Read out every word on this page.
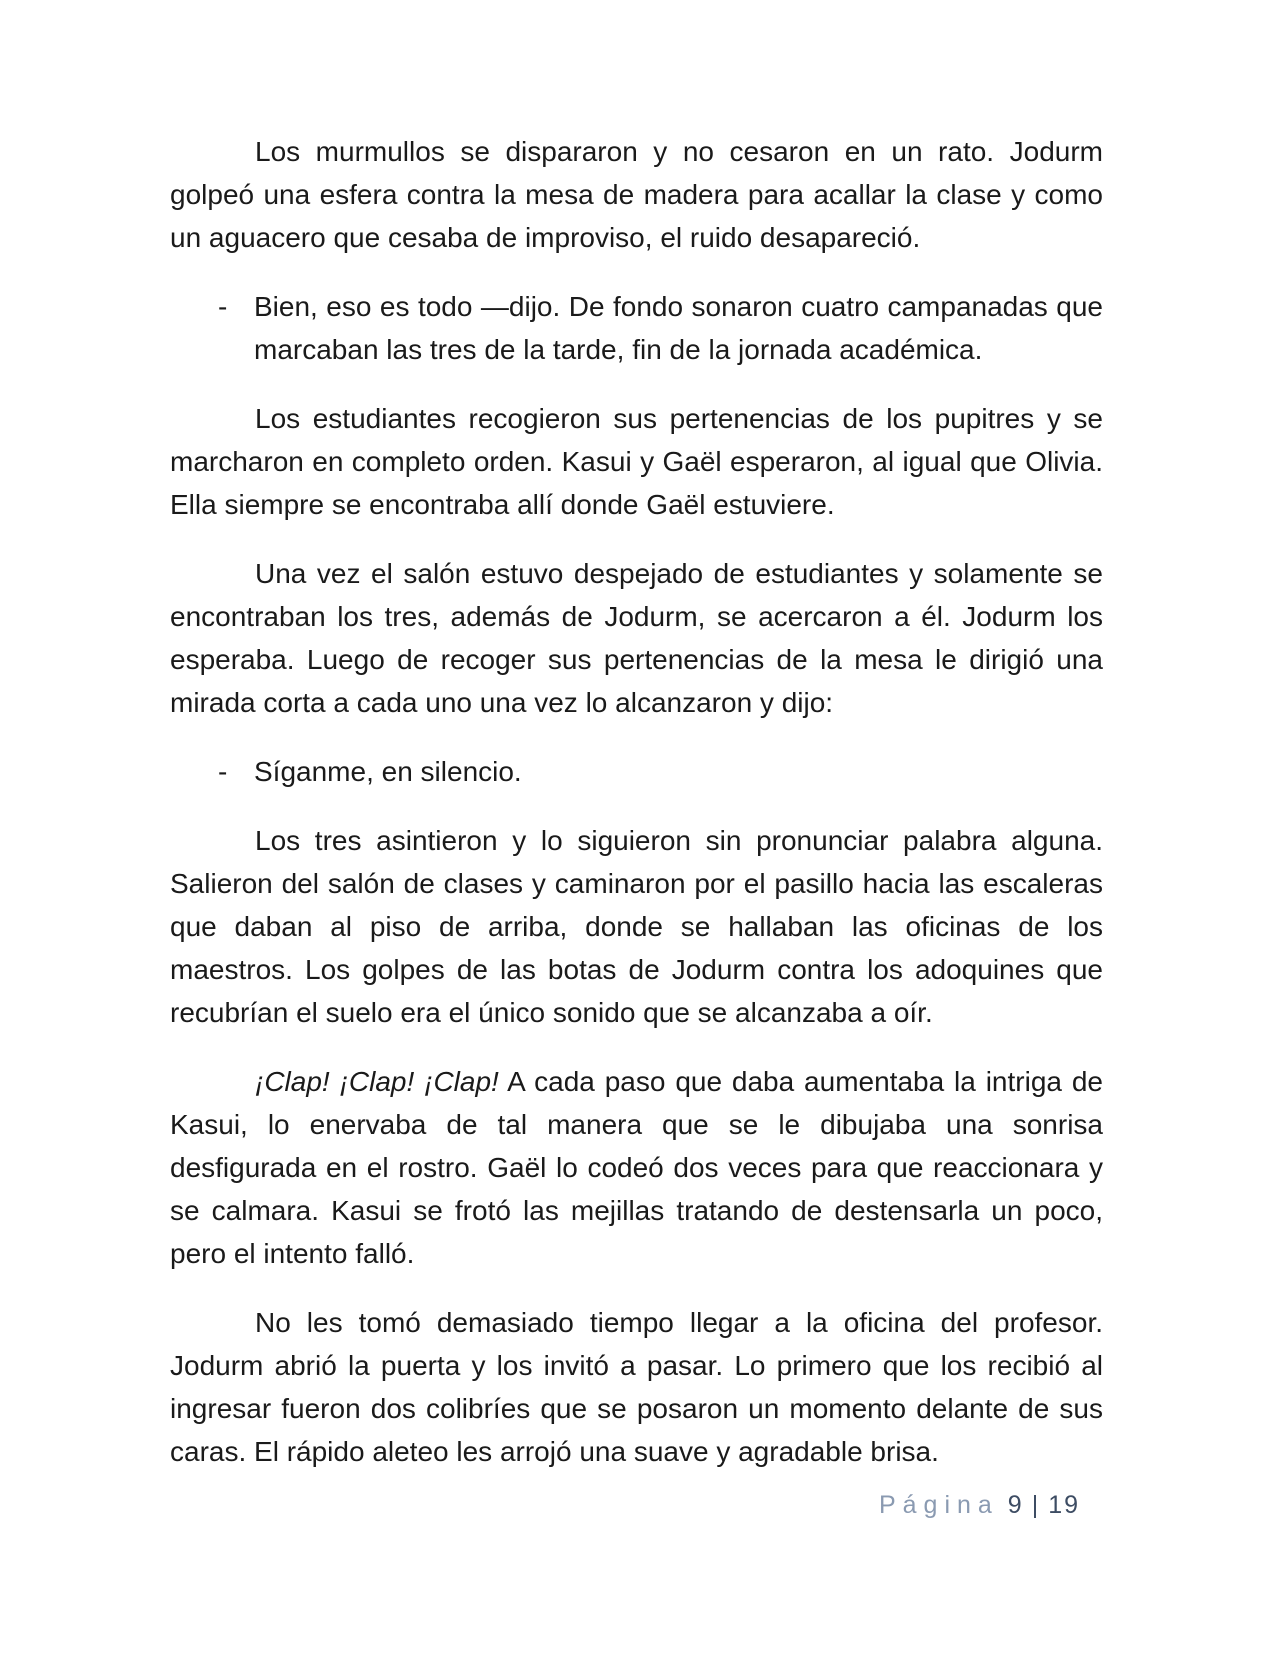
Los murmullos se dispararon y no cesaron en un rato. Jodurm golpeó una esfera contra la mesa de madera para acallar la clase y como un aguacero que cesaba de improviso, el ruido desapareció.

- Bien, eso es todo —dijo. De fondo sonaron cuatro campanadas que marcaban las tres de la tarde, fin de la jornada académica.

Los estudiantes recogieron sus pertenencias de los pupitres y se marcharon en completo orden. Kasui y Gaël esperaron, al igual que Olivia. Ella siempre se encontraba allí donde Gaël estuviere.

Una vez el salón estuvo despejado de estudiantes y solamente se encontraban los tres, además de Jodurm, se acercaron a él. Jodurm los esperaba. Luego de recoger sus pertenencias de la mesa le dirigió una mirada corta a cada uno una vez lo alcanzaron y dijo:

- Síganme, en silencio.

Los tres asintieron y lo siguieron sin pronunciar palabra alguna. Salieron del salón de clases y caminaron por el pasillo hacia las escaleras que daban al piso de arriba, donde se hallaban las oficinas de los maestros. Los golpes de las botas de Jodurm contra los adoquines que recubrían el suelo era el único sonido que se alcanzaba a oír.

¡Clap! ¡Clap! ¡Clap! A cada paso que daba aumentaba la intriga de Kasui, lo enervaba de tal manera que se le dibujaba una sonrisa desfigurada en el rostro. Gaël lo codeó dos veces para que reaccionara y se calmara. Kasui se frotó las mejillas tratando de destensarla un poco, pero el intento falló.

No les tomó demasiado tiempo llegar a la oficina del profesor. Jodurm abrió la puerta y los invitó a pasar. Lo primero que los recibió al ingresar fueron dos colibríes que se posaron un momento delante de sus caras. El rápido aleteo les arrojó una suave y agradable brisa.

Página 9 | 19
